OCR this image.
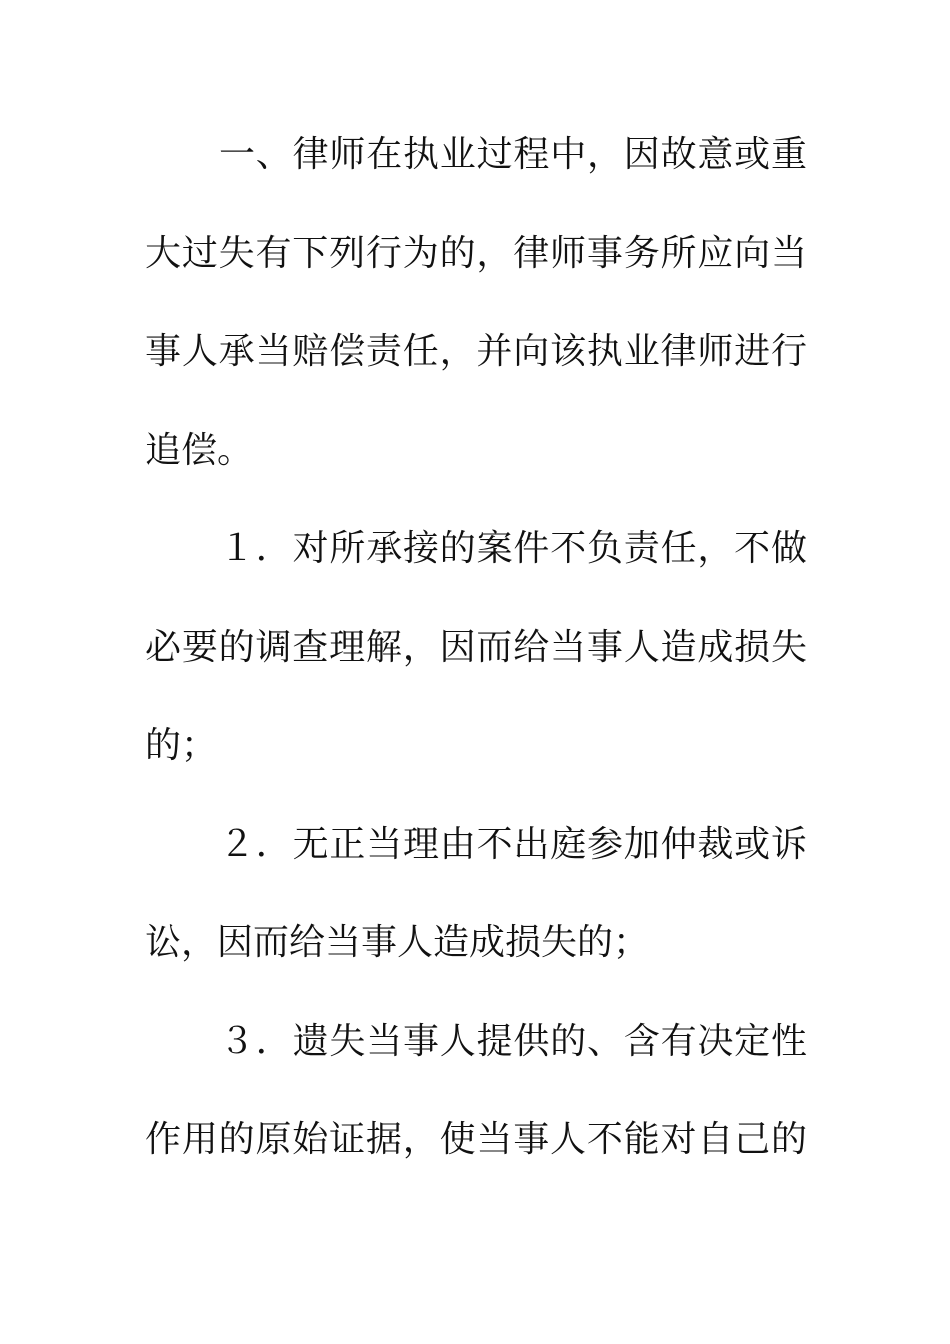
一、律师在执业过程中，因故意或重
大过失有下列行为的，律师事务所应向当
事人承当赔偿责任，并向该执业律师进行
追偿。
１．对所承接的案件不负责任，不做
必要的调查理解，因而给当事人造成损失
的；
２．无正当理由不出庭参加仲裁或诉
讼，因而给当事人造成损失的；
３．遗失当事人提供的、含有决定性
作用的原始证据，使当事人不能对自己的
